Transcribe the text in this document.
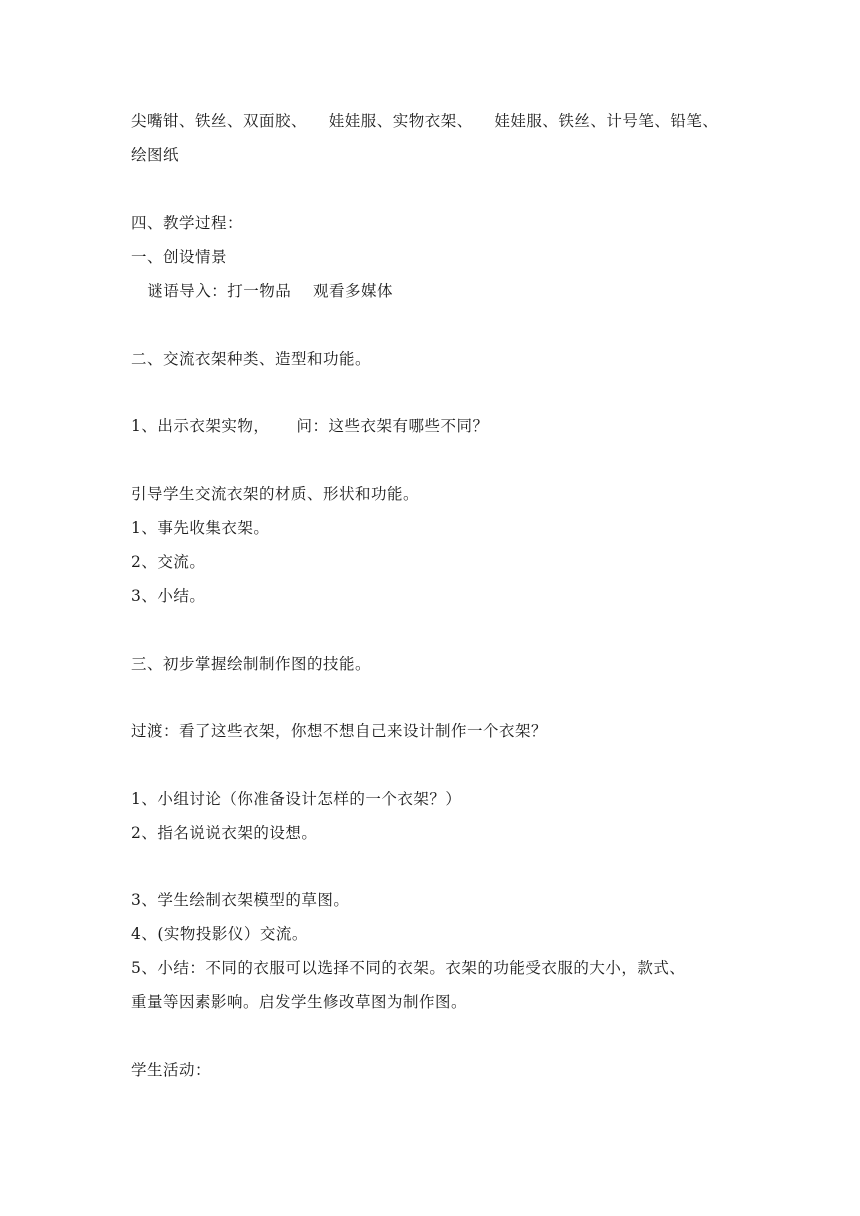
尖嘴钳、铁丝、双面胶、    娃娃服、实物衣架、    娃娃服、铁丝、计号笔、铅笔、
绘图纸
四、教学过程：
一、创设情景
谜语导入：打一物品    观看多媒体
二、交流衣架种类、造型和功能。
1、出示衣架实物，     问：这些衣架有哪些不同？
引导学生交流衣架的材质、形状和功能。
1、事先收集衣架。
2、交流。
3、小结。
三、初步掌握绘制制作图的技能。
过渡：看了这些衣架，你想不想自己来设计制作一个衣架？
1、小组讨论（你准备设计怎样的一个衣架？）
2、指名说说衣架的设想。
3、学生绘制衣架模型的草图。
4、(实物投影仪）交流。
5、小结：不同的衣服可以选择不同的衣架。衣架的功能受衣服的大小，款式、
重量等因素影响。启发学生修改草图为制作图。
学生活动：
